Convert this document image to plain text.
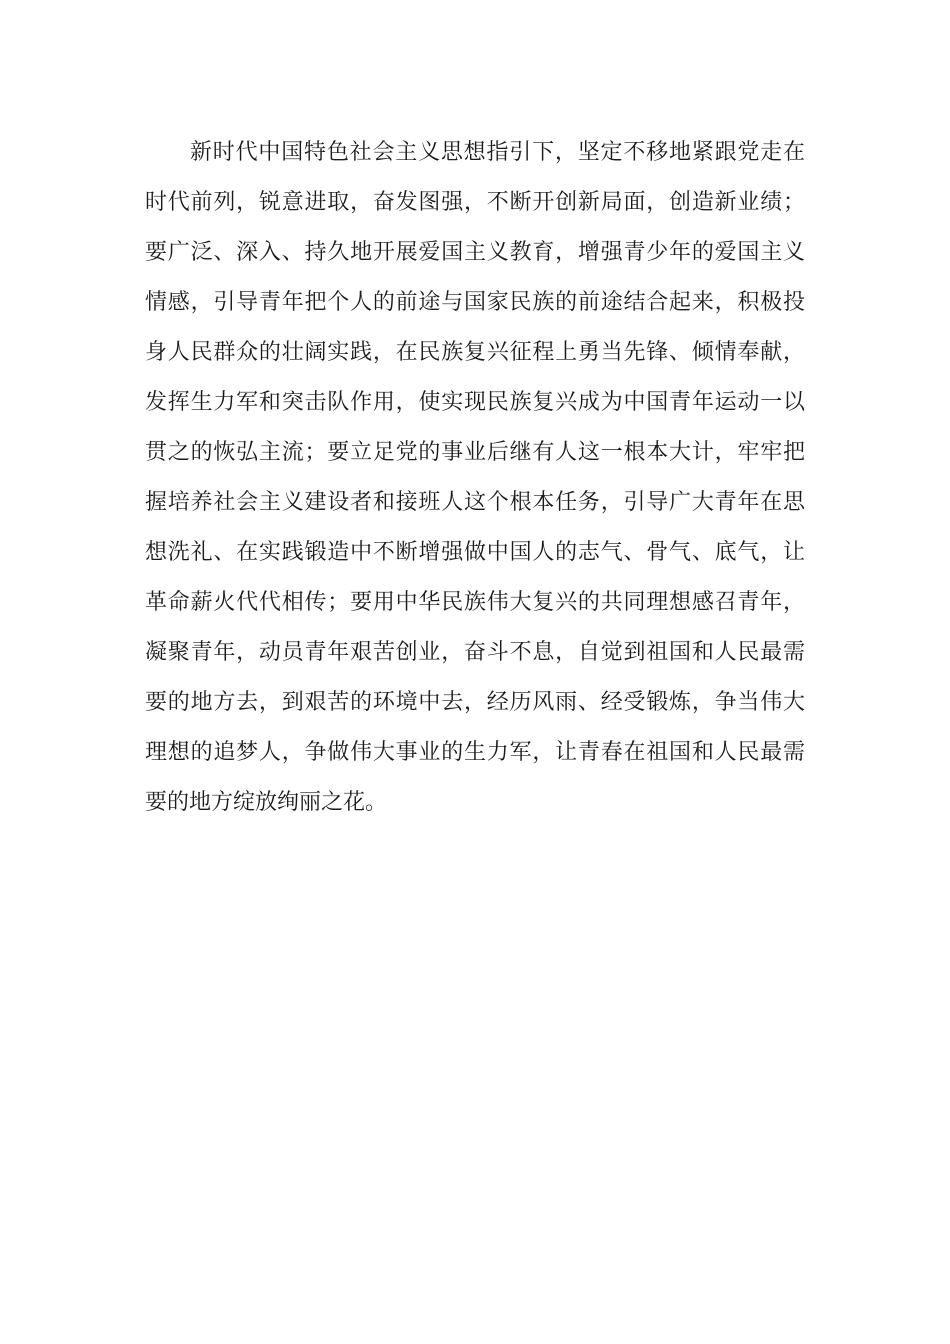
新时代中国特色社会主义思想指引下，坚定不移地紧跟党走在
时代前列，锐意进取，奋发图强，不断开创新局面，创造新业绩；
要广泛、深入、持久地开展爱国主义教育，增强青少年的爱国主义
情感，引导青年把个人的前途与国家民族的前途结合起来，积极投
身人民群众的壮阔实践，在民族复兴征程上勇当先锋、倾情奉献，
发挥生力军和突击队作用，使实现民族复兴成为中国青年运动一以
贯之的恢弘主流；要立足党的事业后继有人这一根本大计，牢牢把
握培养社会主义建设者和接班人这个根本任务，引导广大青年在思
想洗礼、在实践锻造中不断增强做中国人的志气、骨气、底气，让
革命薪火代代相传；要用中华民族伟大复兴的共同理想感召青年，
凝聚青年，动员青年艰苦创业，奋斗不息，自觉到祖国和人民最需
要的地方去，到艰苦的环境中去，经历风雨、经受锻炼，争当伟大
理想的追梦人，争做伟大事业的生力军，让青春在祖国和人民最需
要的地方绽放绚丽之花。
